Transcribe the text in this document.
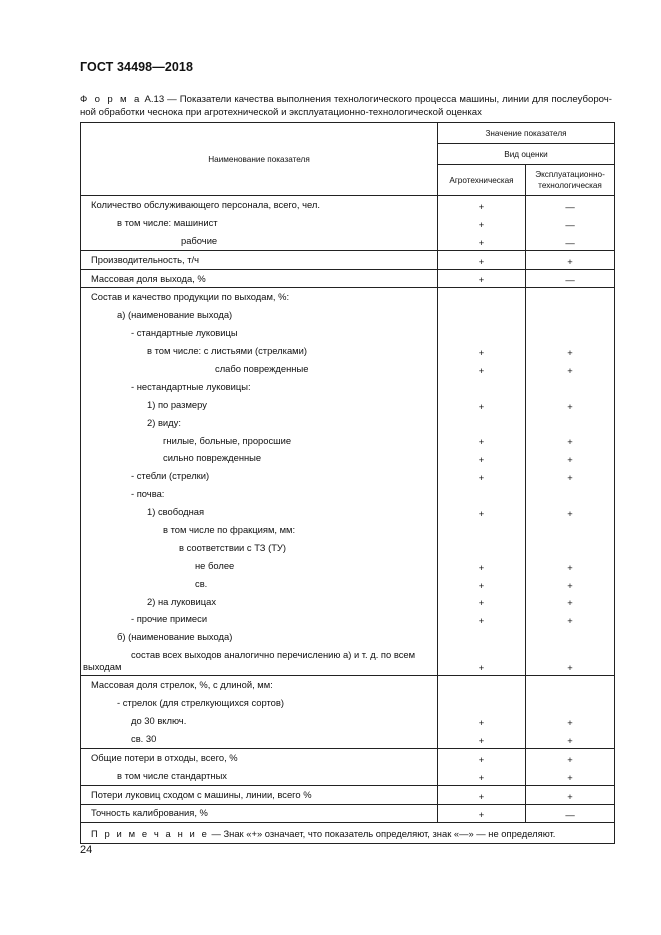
ГОСТ 34498—2018
Ф о р м а А.13 — Показатели качества выполнения технологического процесса машины, линии для послеубороч-ной обработки чеснока при агротехнической и эксплуатационно-технологической оценках
Наименование показателя	Значение показателя	
	Вид оценки	
	Агротехническая	Эксплуатационно-технологическая
Количество обслуживающего персонала, всего, чел.	+	—
в том числе: машинист	+	—
рабочие	+	—
Производительность, т/ч	+	+
Массовая доля выхода, %	+	—
Состав и качество продукции по выходам, %:		
а) (наименование выхода)		
- стандартные луковицы		
в том числе: с листьями (стрелками)	+	+
слабо поврежденные	+	+
- нестандартные луковицы:		
1) по размеру	+	+
2) виду:		
гнилые, больные, проросшие	+	+
сильно поврежденные	+	+
- стебли (стрелки)	+	+
- почва:		
1) свободная	+	+
в том числе по фракциям, мм:		
в соответствии с ТЗ (ТУ)		
не более	+	+
св.	+	+
2) на луковицах	+	+
- прочие примеси	+	+
б) (наименование выхода)		
состав всех выходов аналогично перечислению а) и т. д. по всем выходам	+	+
Массовая доля стрелок, %, с длиной, мм:		
- стрелок (для стрелкующихся сортов)		
до 30 включ.	+	+
св. 30	+	+
Общие потери в отходы, всего, %	+	+
в том числе стандартных	+	+
Потери луковиц сходом с машины, линии, всего %	+	+
Точность калибрования, %	+	—
П р и м е ч а н и е — Знак «+» означает, что показатель определяют, знак «—» — не определяют.		
24
